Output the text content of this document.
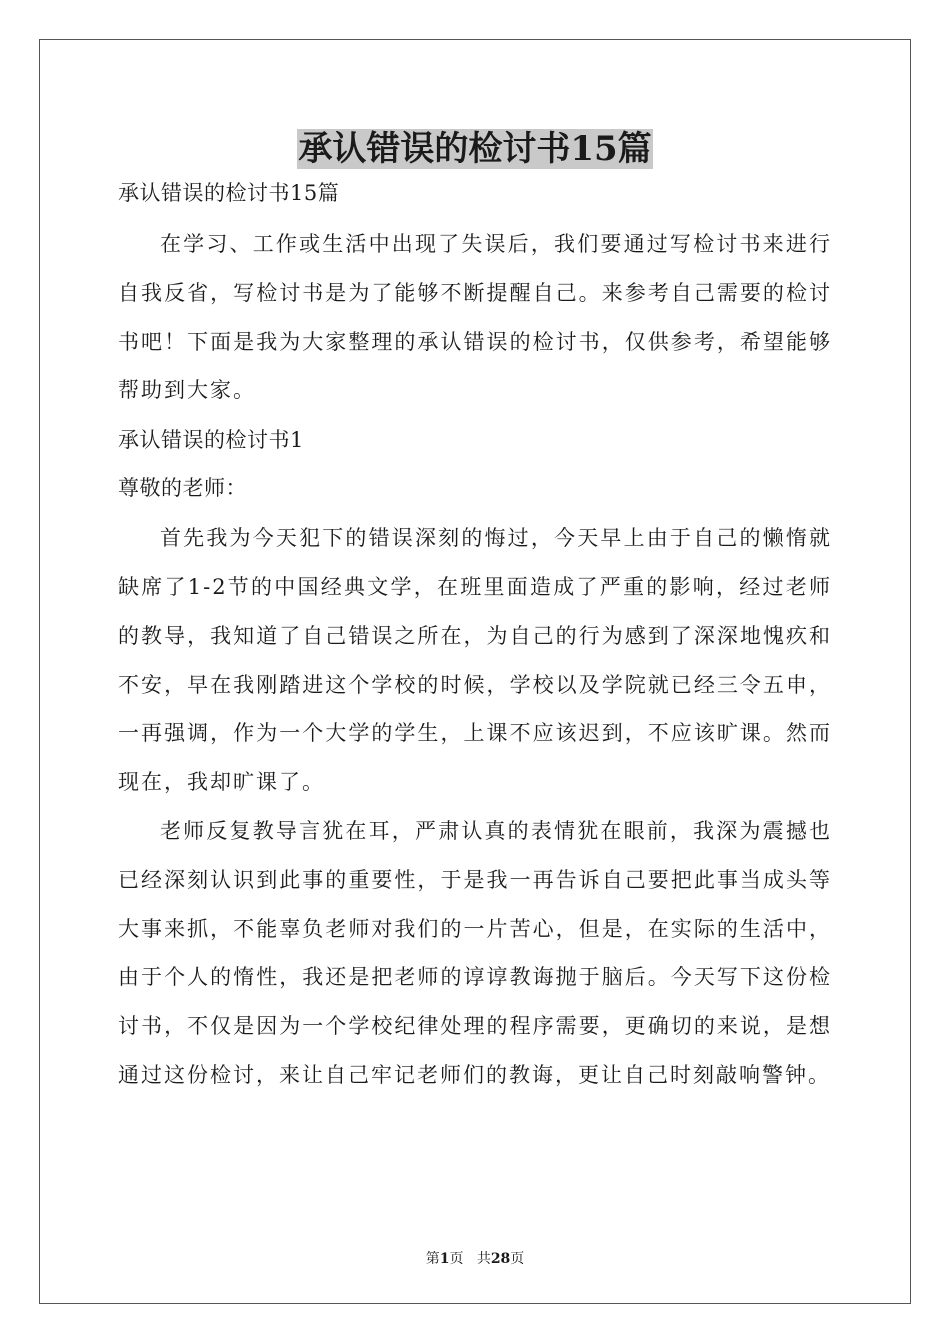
承认错误的检讨书15篇

承认错误的检讨书15篇

在学习、工作或生活中出现了失误后，我们要通过写检讨书来进行自我反省，写检讨书是为了能够不断提醒自己。来参考自己需要的检讨书吧！下面是我为大家整理的承认错误的检讨书，仅供参考，希望能够帮助到大家。

承认错误的检讨书1

尊敬的老师：

首先我为今天犯下的错误深刻的悔过，今天早上由于自己的懒惰就缺席了1-2节的中国经典文学，在班里面造成了严重的影响，经过老师的教导，我知道了自己错误之所在，为自己的行为感到了深深地愧疚和不安，早在我刚踏进这个学校的时候，学校以及学院就已经三令五申，一再强调，作为一个大学的学生，上课不应该迟到，不应该旷课。然而现在，我却旷课了。

老师反复教导言犹在耳，严肃认真的表情犹在眼前，我深为震撼也已经深刻认识到此事的重要性，于是我一再告诉自己要把此事当成头等大事来抓，不能辜负老师对我们的一片苦心，但是，在实际的生活中，由于个人的惰性，我还是把老师的谆谆教诲抛于脑后。今天写下这份检讨书，不仅是因为一个学校纪律处理的程序需要，更确切的来说，是想通过这份检讨，来让自己牢记老师们的教诲，更让自己时刻敲响警钟。

第1页 共28页
